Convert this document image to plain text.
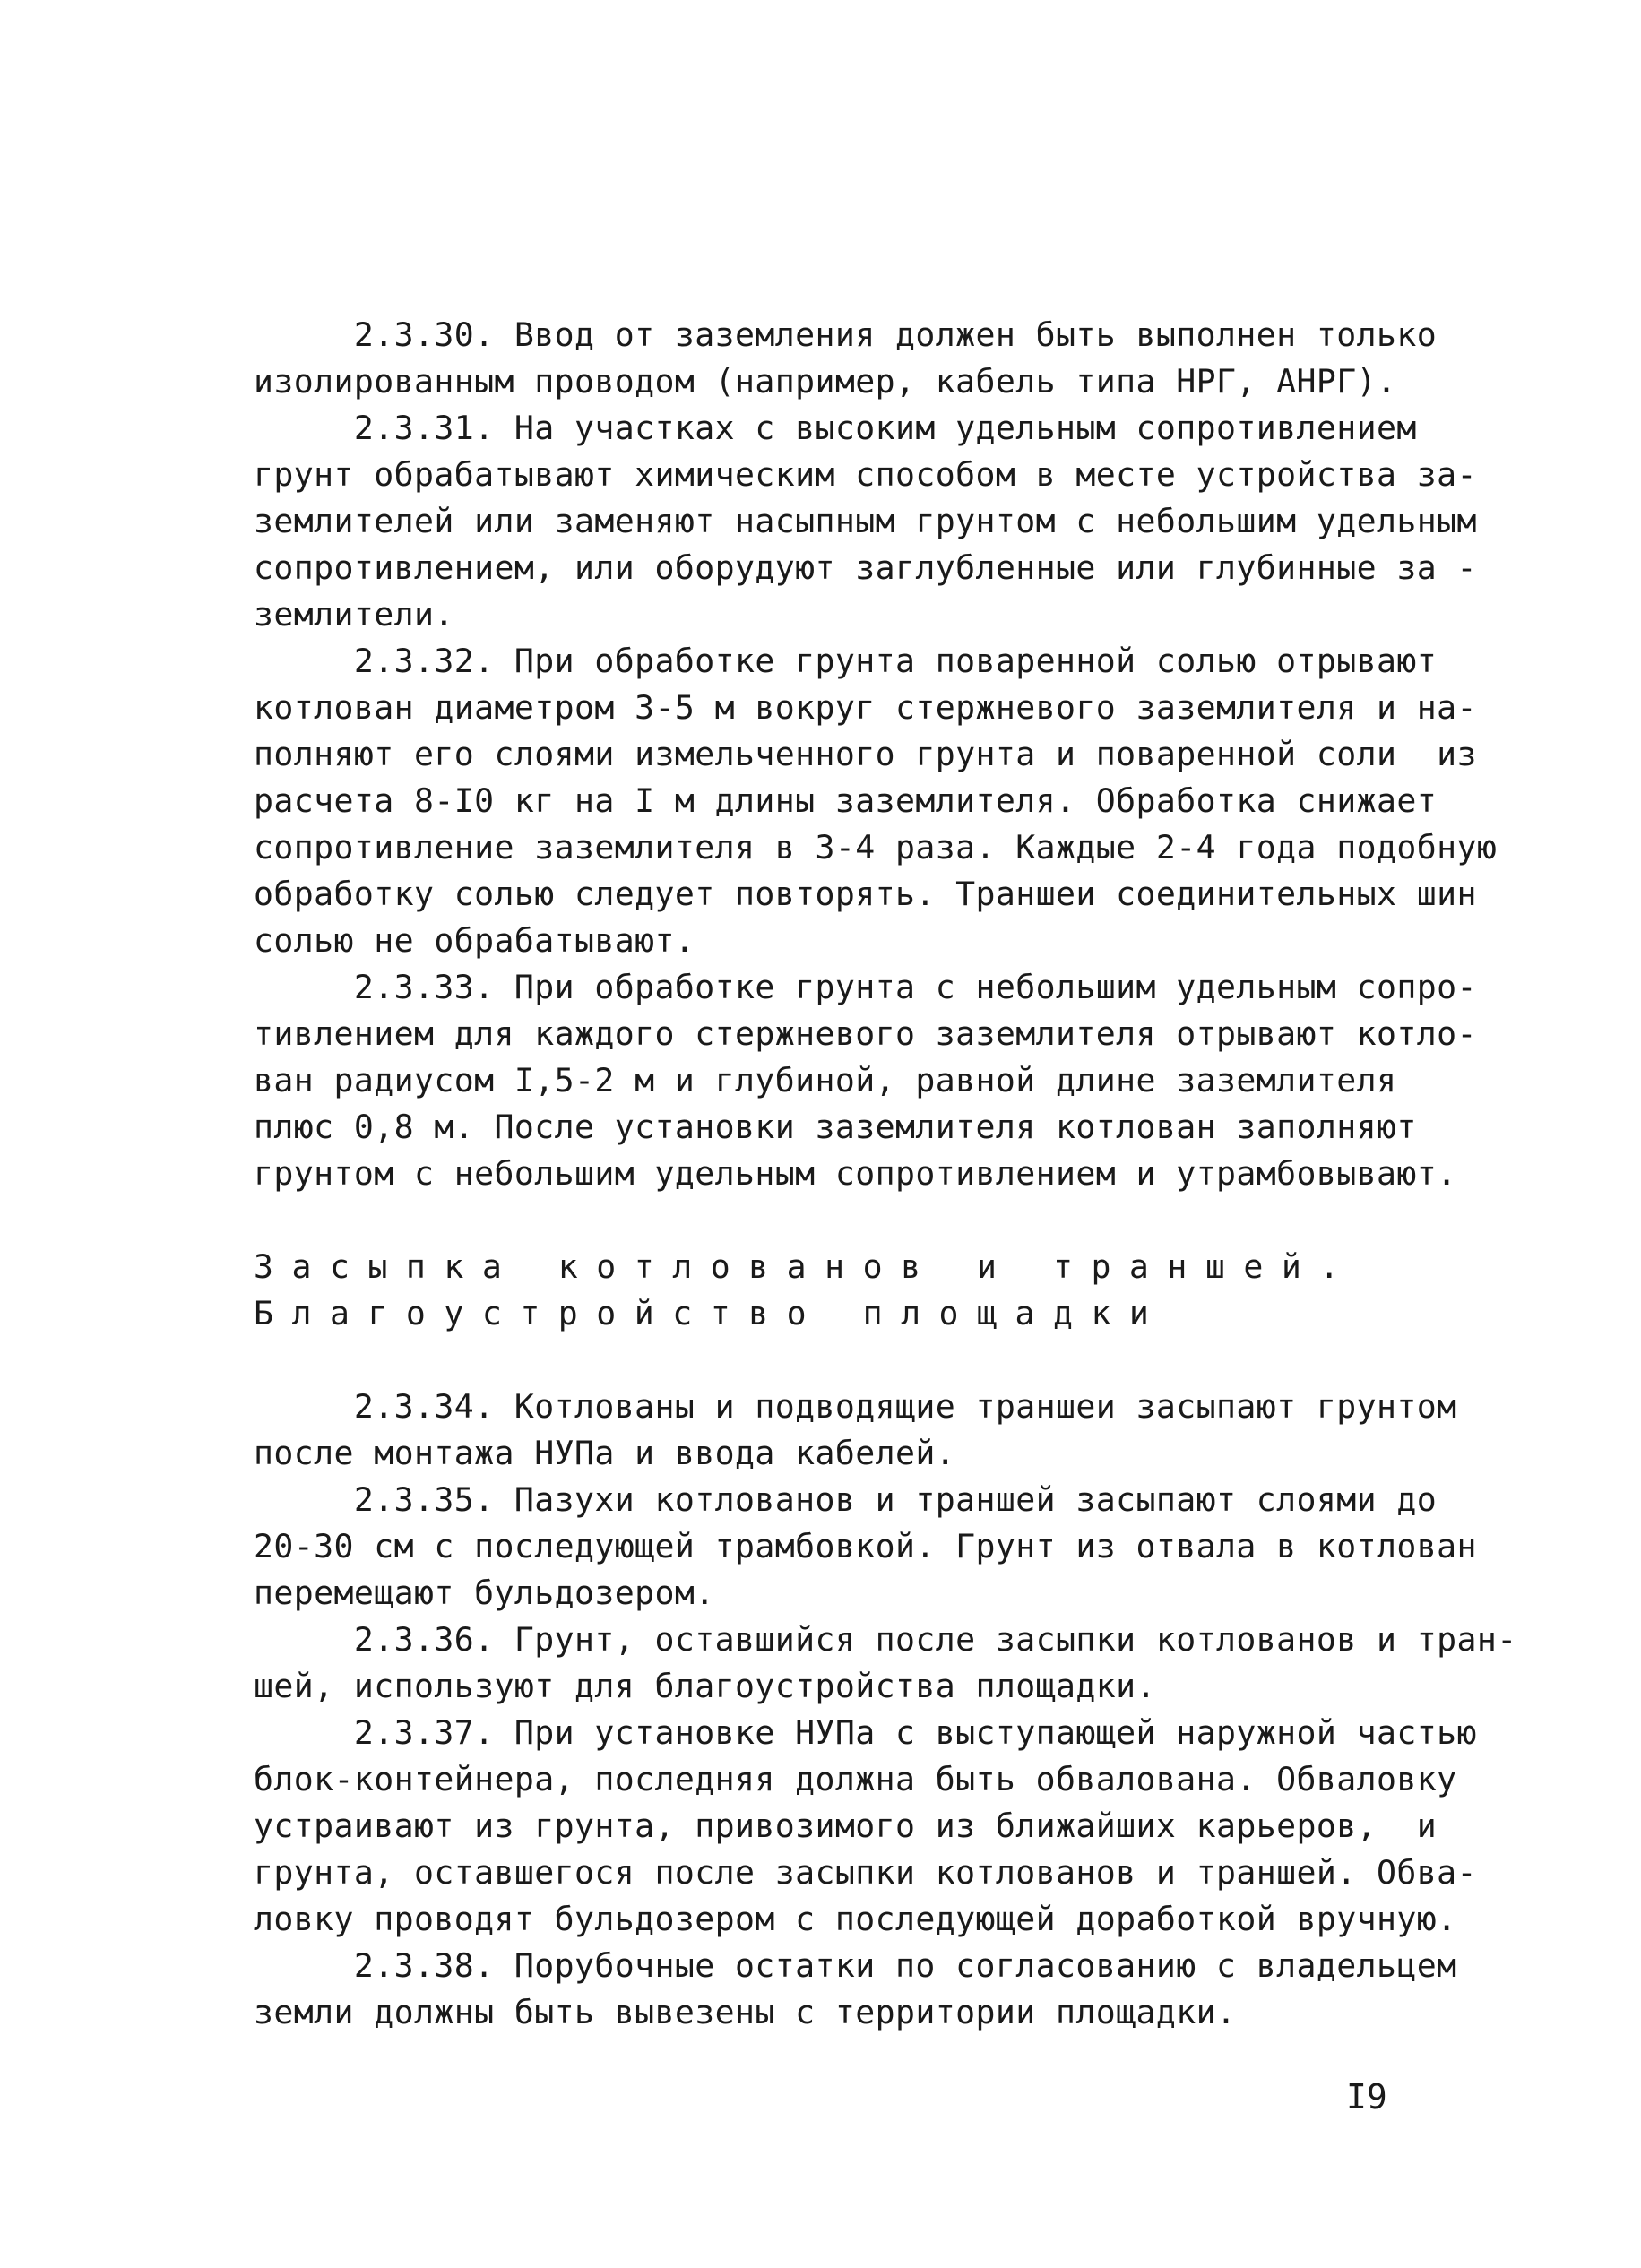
2.3.30. Ввод от заземления должен быть выполнен только
изолированным проводом (например, кабель типа НРГ, АНРГ).
2.3.31. На участках с высоким удельным сопротивлением
грунт обрабатывают химическим способом в месте устройства за-
землителей или заменяют насыпным грунтом с небольшим удельным
сопротивлением, или оборудуют заглубленные или глубинные за -
землители.
2.3.32. При обработке грунта поваренной солью отрывают
котлован диаметром 3-5 м вокруг стержневого заземлителя и на-
полняют его слоями измельченного грунта и поваренной соли  из
расчета 8-I0 кг на I м длины заземлителя. Обработка снижает
сопротивление заземлителя в 3-4 раза. Каждые 2-4 года подобную
обработку солью следует повторять. Траншеи соединительных шин
солью не обрабатывают.
2.3.33. При обработке грунта с небольшим удельным сопро-
тивлением для каждого стержневого заземлителя отрывают котло-
ван радиусом I,5-2 м и глубиной, равной длине заземлителя
плюс 0,8 м. После установки заземлителя котлован заполняют
грунтом с небольшим удельным сопротивлением и утрамбовывают.
Засыпка котлованов и траншей.
Благоустройство площадки
2.3.34. Котлованы и подводящие траншеи засыпают грунтом
после монтажа НУПа и ввода кабелей.
2.3.35. Пазухи котлованов и траншей засыпают слоями до
20-30 см с последующей трамбовкой. Грунт из отвала в котлован
перемещают бульдозером.
2.3.36. Грунт, оставшийся после засыпки котлованов и тран-
шей, используют для благоустройства площадки.
2.3.37. При установке НУПа с выступающей наружной частью
блок-контейнера, последняя должна быть обвалована. Обваловку
устраивают из грунта, привозимого из ближайших карьеров,  и
грунта, оставшегося после засыпки котлованов и траншей. Обва-
ловку проводят бульдозером с последующей доработкой вручную.
2.3.38. Порубочные остатки по согласованию с владельцем
земли должны быть вывезены с территории площадки.
I9
